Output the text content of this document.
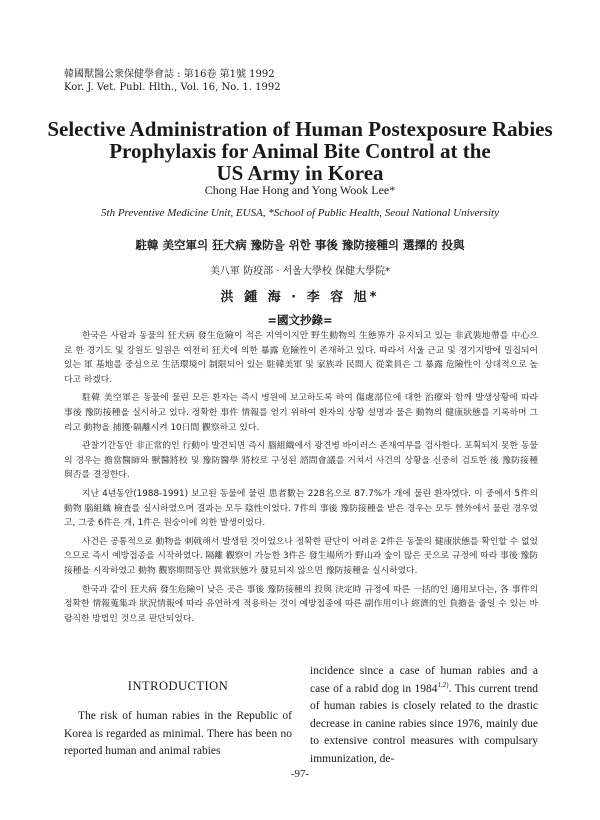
韓國獸醫公衆保健學會誌 : 第16卷 第1號 1992
Kor. J. Vet. Publ. Hlth., Vol. 16, No. 1. 1992
Selective Administration of Human Postexposure Rabies
Prophylaxis for Animal Bite Control at the
US Army in Korea
Chong Hae Hong and Yong Wook Lee*
5th Preventive Medicine Unit, EUSA, *School of Public Health, Seoul National University
駐韓 美空軍의 狂犬病 豫防을 위한 事後 豫防接種의 選擇的 投與
美八軍 防疫部 · 서울大學校 保健大學院*
洪 鍾 海 · 李 容 旭*
=國文抄錄=

한국은 사람과 동물의 狂犬病 發生危險이 적은 지역이지만 野生動物의 生態界가 유지되고 있는 非武裝地帶를 中心으로 한 경기도 및 강원도 일원은 여전히 狂犬에 의한 暴露 危險性이 존재하고 있다. 따라서 서울 근교 및 경기지방에 밀집되어 있는 軍 基地를 중심으로 生活環境이 制限되어 있는 駐韓美軍 및 家族과 民間人 從業員은 그 暴露 危險性이 상대적으로 높다고 하겠다.

駐韓 美空軍은 동물에 물린 모든 환자는 즉시 병원에 보고하도록 하여 傷處部位에 대한 治療와 함께 발생상황에 따라 事後 豫防接種을 실시하고 있다. 정확한 事件 情報를 얻기 위하여 환자의 상황 설명과 물은 動物의 健康狀態를 기록하며 그리고 動物을 捕獲·隔離시켜 10日間 觀察하고 있다.

관찰기간동안 非正常的인 行動이 발견되면 즉시 腦組織에서 광견병 바이러스 존재여부를 검사한다. 포획되지 못한 동물의 경우는 擔當醫師와 獸醫將校 및 豫防醫學 將校로 구성된 諮問會議를 거쳐서 사건의 상황을 신중히 검토한 後 豫防接種 與否를 결정한다.

지난 4년동안(1988-1991) 보고된 동물에 물린 患者數는 228名으로 87.7%가 개에 물린 환자였다. 이 중에서 5件의 動物 腦組織 檢査를 실시하였으며 결과는 모두 陰性이었다. 7件의 事後 豫防接種을 받은 경우는 모두 營外에서 물린 경우였고, 그중 6件은 개, 1件은 원숭이에 의한 발생이었다.

사건은 공통적으로 動物을 刺戟해서 발생된 것이었으나 정확한 판단이 어려운 2件은 동물의 健康狀態를 확인할 수 없었으므로 즉시 예방접종을 시작하였다. 隔離 觀察이 가능한 3件은 發生場所가 野山과 숲이 많은 곳으로 규정에 따라 事後 豫防接種을 시작하였고 動物 觀察期間동안 異常狀態가 發見되지 않으면 豫防接種을 실시하였다.

한국과 같이 狂犬病 發生危險이 낮은 곳은 事後 豫防接種의 投與 決定時 규정에 따른 一括的인 適用보다는, 各 事件의 정확한 情報蒐集과 狀況情報에 따라 유연하게 적용하는 것이 예방접종에 따른 副作用이나 經濟的인 負擔을 줄일 수 있는 바람직한 방법인 것으로 판단되었다.

INTRODUCTION

The risk of human rabies in the Republic of Korea is regarded as minimal. There has been no reported human and animal rabies

incidence since a case of human rabies and a case of a rabid dog in 1984$^{1,2)}$. This current trend of human rabies is closely related to the drastic decrease in canine rabies since 1976, mainly due to extensive control measures with compulsary immunization, de-

-97-
